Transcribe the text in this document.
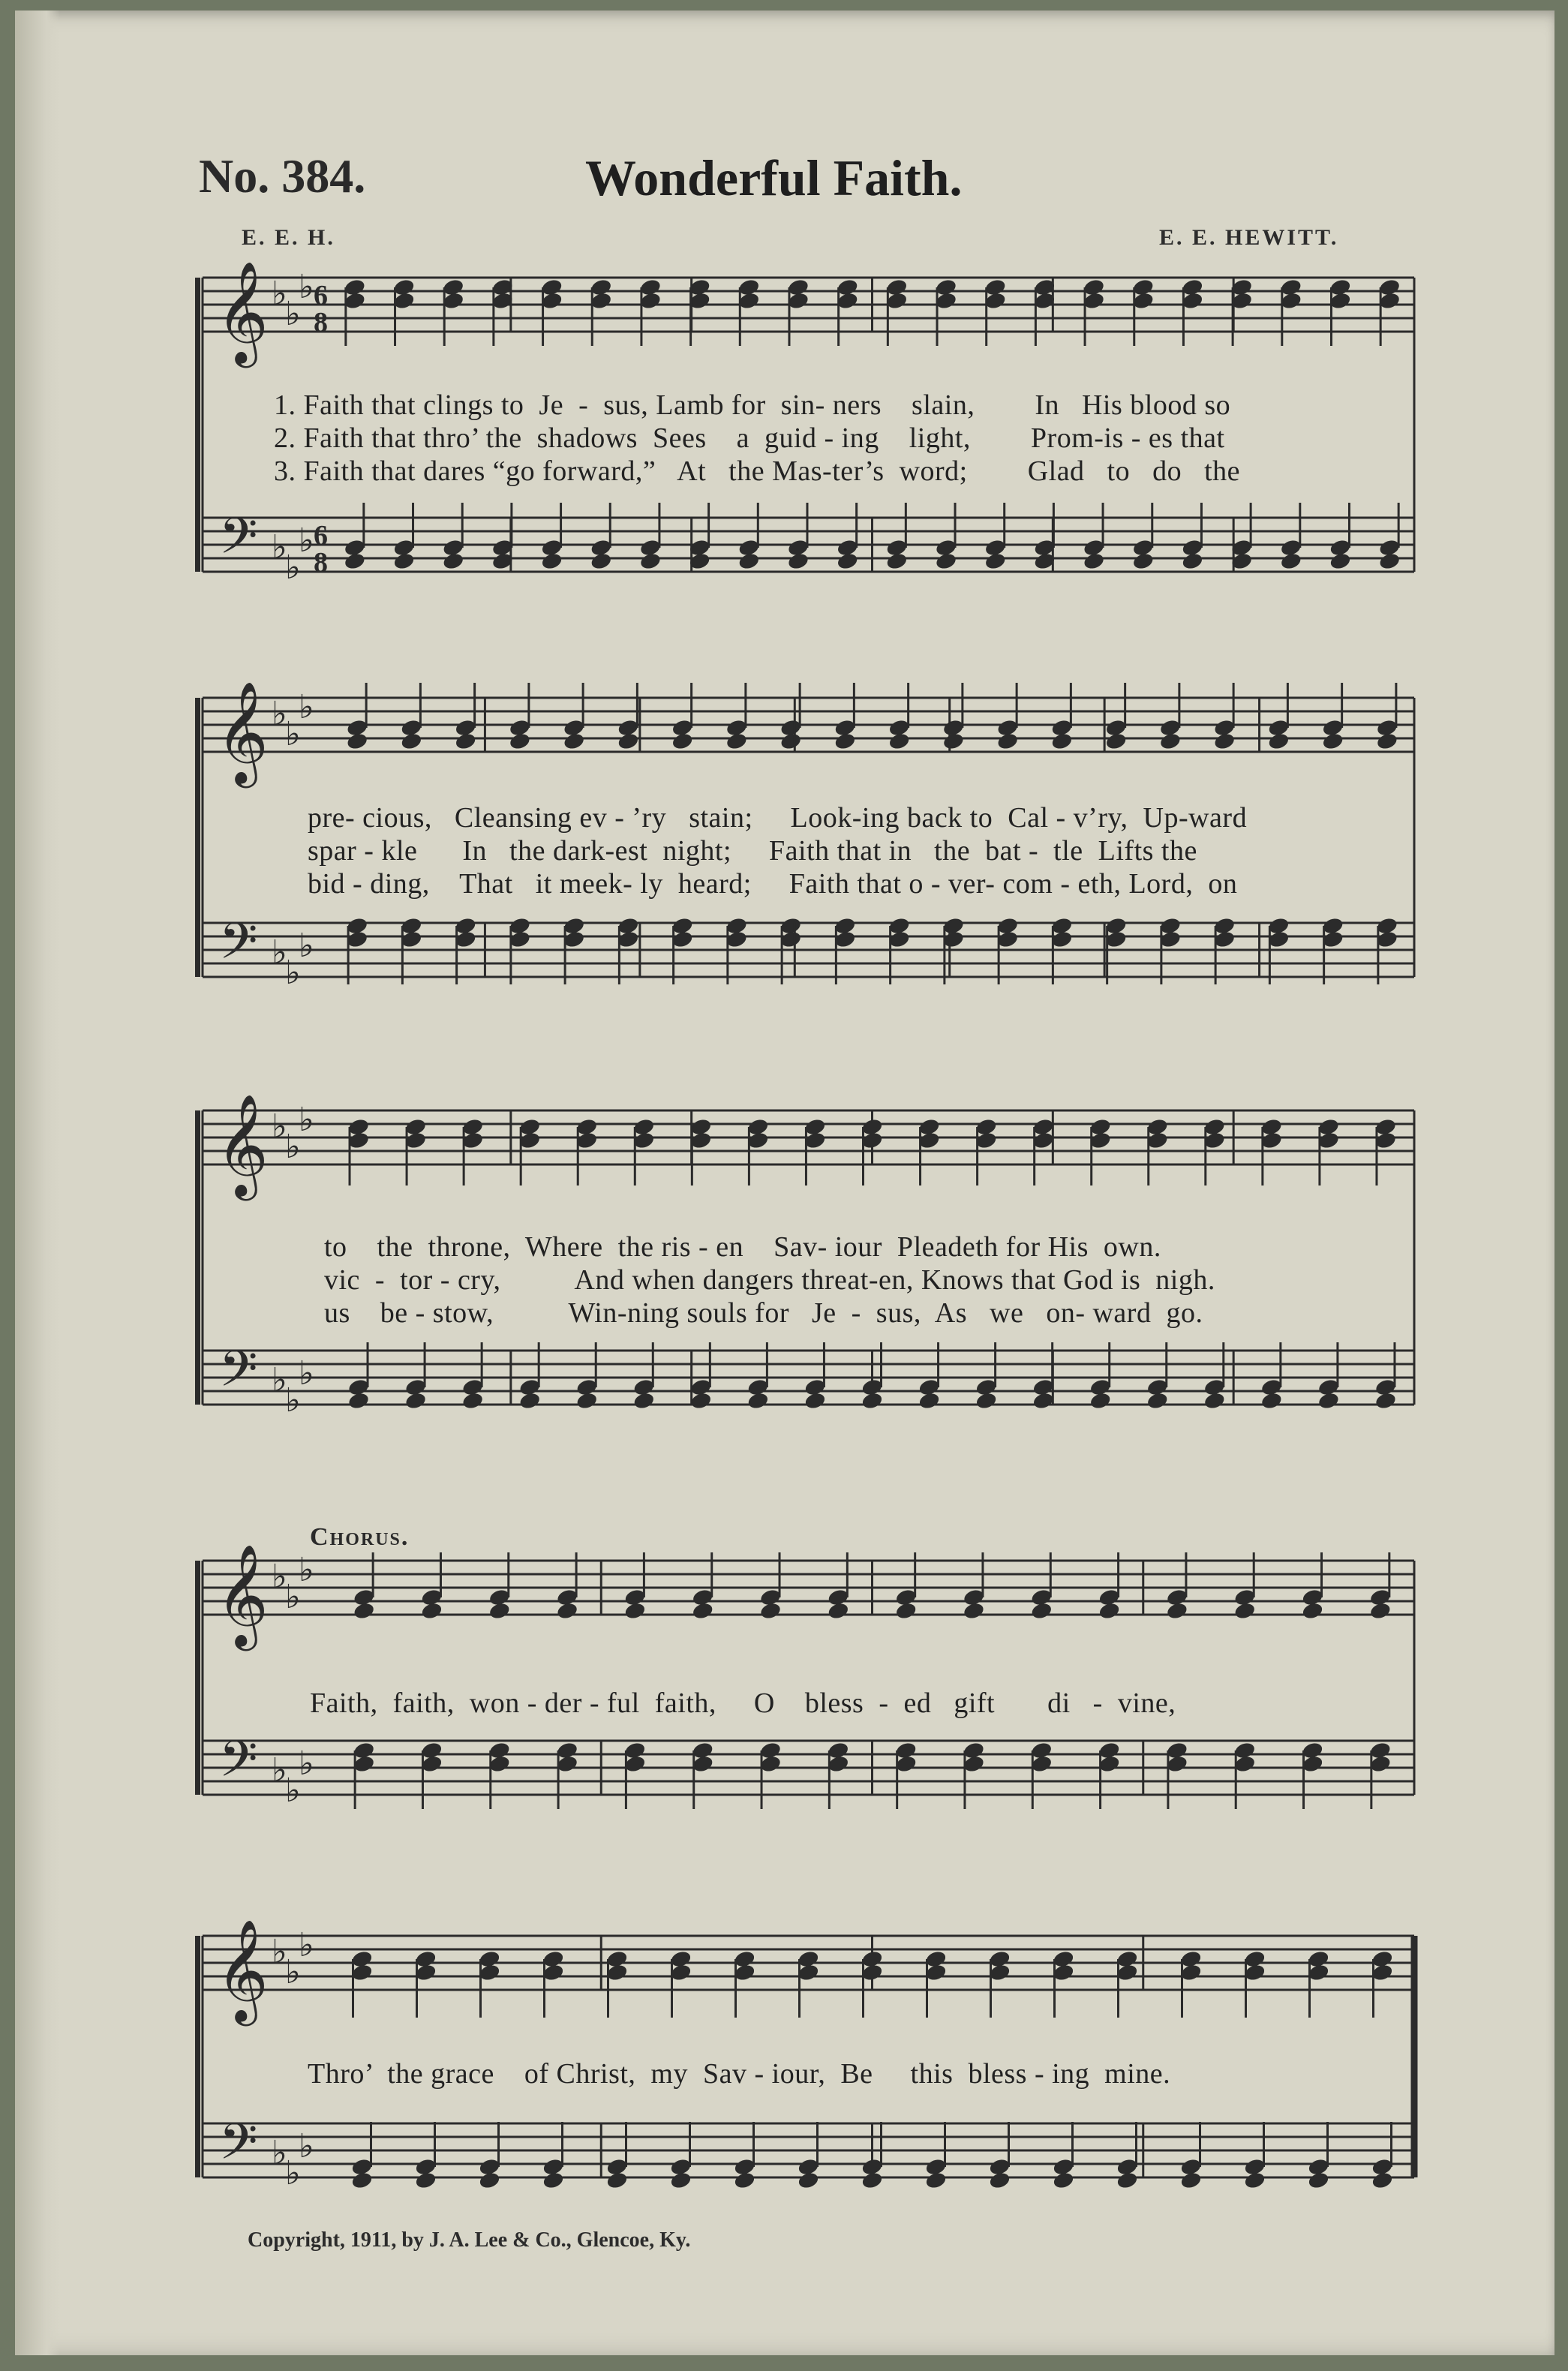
No. 384.	Wonderful Faith.
E. E. H.	E. E. HEWITT.
𝄞
𝄢
♭
♭
♭
♭
♭
♭
6
8
6
8
𝄞
𝄢
♭
♭
♭
♭
♭
♭
𝄞
𝄢
♭
♭
♭
♭
♭
♭
𝄞
𝄢
♭
♭
♭
♭
♭
♭
𝄞
𝄢
♭
♭
♭
♭
♭
♭
1. Faith that clings to  Je  -  sus, Lamb for  sin- ners    slain,        In   His blood so
2. Faith that thro’ the  shadows  Sees    a  guid - ing    light,        Prom-is - es that
3. Faith that dares “go forward,”   At   the Mas-ter’s  word;        Glad   to   do   the
pre- cious,   Cleansing ev - ’ry   stain;     Look-ing back to  Cal - v’ry,  Up-ward
spar - kle      In   the dark-est  night;     Faith that in   the  bat -  tle  Lifts the
bid - ding,    That   it meek- ly  heard;     Faith that o - ver- com - eth, Lord,  on
to    the  throne,  Where  the ris - en    Sav- iour  Pleadeth for His  own.
vic  -  tor - cry,          And when dangers threat-en, Knows that God is  nigh.
us    be - stow,          Win-ning souls for   Je  -  sus,  As   we   on- ward  go.
Chorus.
Faith,  faith,  won - der - ful  faith,     O    bless  -  ed   gift       di   -  vine,
Thro’  the grace    of Christ,  my  Sav - iour,  Be     this  bless - ing  mine.
Copyright, 1911, by J. A. Lee & Co., Glencoe, Ky.
